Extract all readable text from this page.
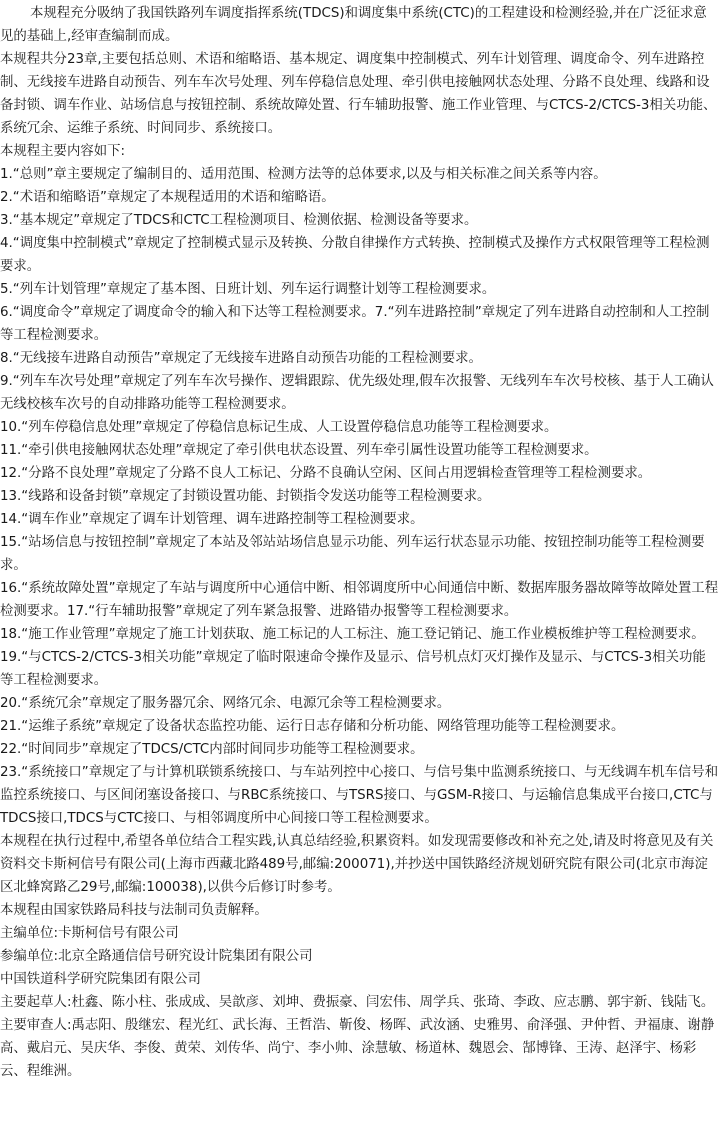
本规程充分吸纳了我国铁路列车调度指挥系统(TDCS)和调度集中系统(CTC)的工程建设和检测经验,并在广泛征求意见的基础上,经审查编制而成。

本规程共分23章,主要包括总则、术语和缩略语、基本规定、调度集中控制模式、列车计划管理、调度命令、列车进路控制、无线接车进路自动预告、列车车次号处理、列车停稳信息处理、牵引供电接触网状态处理、分路不良处理、线路和设备封锁、调车作业、站场信息与按钮控制、系统故障处置、行车辅助报警、施工作业管理、与CTCS-2/CTCS-3相关功能、系统冗余、运维子系统、时间同步、系统接口。

本规程主要内容如下:

1.“总则”章主要规定了编制目的、适用范围、检测方法等的总体要求,以及与相关标准之间关系等内容。

2.“术语和缩略语”章规定了本规程适用的术语和缩略语。

3.“基本规定”章规定了TDCS和CTC工程检测项目、检测依据、检测设备等要求。

4.“调度集中控制模式”章规定了控制模式显示及转换、分散自律操作方式转换、控制模式及操作方式权限管理等工程检测要求。

5.“列车计划管理”章规定了基本图、日班计划、列车运行调整计划等工程检测要求。

6.“调度命令”章规定了调度命令的输入和下达等工程检测要求。7.“列车进路控制”章规定了列车进路自动控制和人工控制等工程检测要求。

8.“无线接车进路自动预告”章规定了无线接车进路自动预告功能的工程检测要求。

9.“列车车次号处理”章规定了列车车次号操作、逻辑跟踪、优先级处理,假车次报警、无线列车车次号校核、基于人工确认无线校核车次号的自动排路功能等工程检测要求。

10.“列车停稳信息处理”章规定了停稳信息标记生成、人工设置停稳信息功能等工程检测要求。

11.“牵引供电接触网状态处理”章规定了牵引供电状态设置、列车牵引属性设置功能等工程检测要求。

12.“分路不良处理”章规定了分路不良人工标记、分路不良确认空闲、区间占用逻辑检查管理等工程检测要求。

13.“线路和设备封锁”章规定了封锁设置功能、封锁指令发送功能等工程检测要求。

14.“调车作业”章规定了调车计划管理、调车进路控制等工程检测要求。

15.“站场信息与按钮控制”章规定了本站及邻站站场信息显示功能、列车运行状态显示功能、按钮控制功能等工程检测要求。

16.“系统故障处置”章规定了车站与调度所中心通信中断、相邻调度所中心间通信中断、数据库服务器故障等故障处置工程检测要求。17.“行车辅助报警”章规定了列车紧急报警、进路错办报警等工程检测要求。

18.“施工作业管理”章规定了施工计划获取、施工标记的人工标注、施工登记销记、施工作业模板维护等工程检测要求。

19.“与CTCS-2/CTCS-3相关功能”章规定了临时限速命令操作及显示、信号机点灯灭灯操作及显示、与CTCS-3相关功能等工程检测要求。

20.“系统冗余”章规定了服务器冗余、网络冗余、电源冗余等工程检测要求。

21.“运维子系统”章规定了设备状态监控功能、运行日志存储和分析功能、网络管理功能等工程检测要求。

22.“时间同步”章规定了TDCS/CTC内部时间同步功能等工程检测要求。

23.“系统接口”章规定了与计算机联锁系统接口、与车站列控中心接口、与信号集中监测系统接口、与无线调车机车信号和监控系统接口、与区间闭塞设备接口、与RBC系统接口、与TSRS接口、与GSM-R接口、与运输信息集成平台接口,CTC与TDCS接口,TDCS与CTC接口、与相邻调度所中心间接口等工程检测要求。

本规程在执行过程中,希望各单位结合工程实践,认真总结经验,积累资料。如发现需要修改和补充之处,请及时将意见及有关资料交卡斯柯信号有限公司(上海市西藏北路489号,邮编:200071),并抄送中国铁路经济规划研究院有限公司(北京市海淀区北蜂窝路乙29号,邮编:100038),以供今后修订时参考。

本规程由国家铁路局科技与法制司负责解释。

主编单位:卡斯柯信号有限公司

参编单位:北京全路通信信号研究设计院集团有限公司

中国铁道科学研究院集团有限公司

主要起草人:杜鑫、陈小柱、张成成、吴歆彦、刘坤、费振豪、闫宏伟、周学兵、张琦、李政、应志鹏、郭宇新、钱陆飞。

主要审查人:禹志阳、殷继宏、程光红、武长海、王哲浩、靳俊、杨晖、武汝涵、史雅男、俞泽强、尹仲哲、尹福康、谢静高、戴启元、吴庆华、李俊、黄荣、刘传华、尚宁、李小帅、涂慧敏、杨道林、魏恩会、郜博锋、王涛、赵泽宇、杨彩云、程维洲。
